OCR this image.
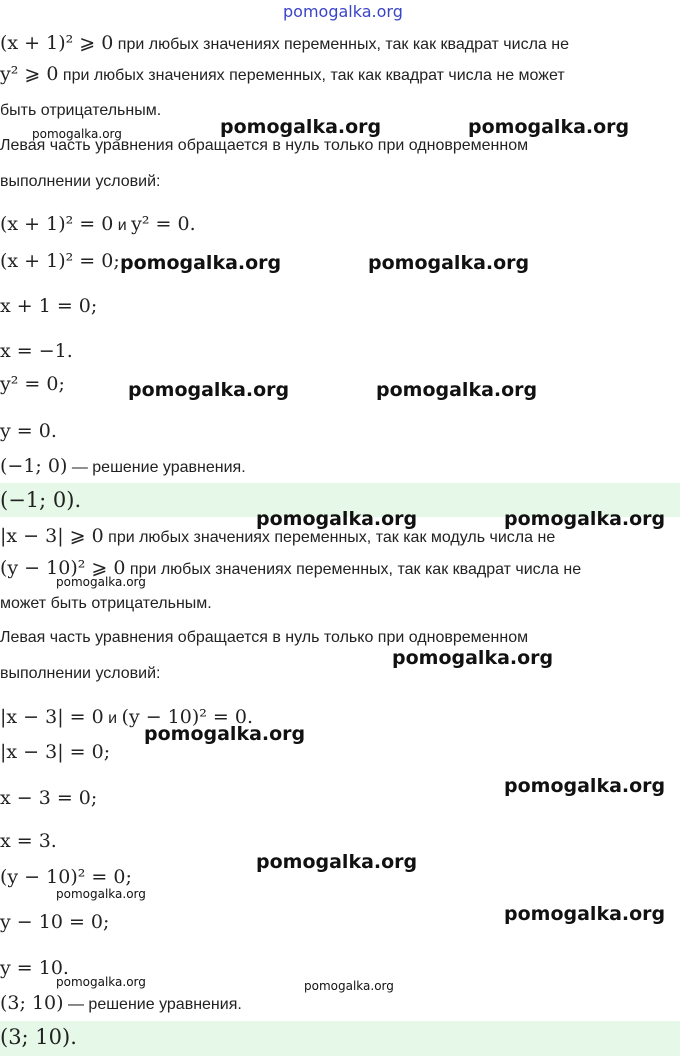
(x + 1)² ⩾ 0 при любых значениях переменных, так как квадрат числа не
y² ⩾ 0 при любых значениях переменных, так как квадрат числа не может
быть отрицательным.
Левая часть уравнения обращается в нуль только при одновременном
выполнении условий:
(x + 1)² = 0 и y² = 0.
(x + 1)² = 0;
x + 1 = 0;
x = −1.
y² = 0;
y = 0.
(−1; 0) — решение уравнения.
(−1; 0).
|x − 3| ⩾ 0 при любых значениях переменных, так как модуль числа не
(y − 10)² ⩾ 0 при любых значениях переменных, так как квадрат числа не
может быть отрицательным.
Левая часть уравнения обращается в нуль только при одновременном
выполнении условий:
|x − 3| = 0 и (y − 10)² = 0.
|x − 3| = 0;
x − 3 = 0;
x = 3.
(y − 10)² = 0;
y − 10 = 0;
y = 10.
(3; 10) — решение уравнения.
(3; 10).
pomogalka.org
pomogalka.org	pomogalka.org	pomogalka.org
pomogalka.org	pomogalka.org
pomogalka.org	pomogalka.org
pomogalka.org	pomogalka.org
pomogalka.org
pomogalka.org
pomogalka.org
pomogalka.org
pomogalka.org
pomogalka.org
pomogalka.org
pomogalka.org	pomogalka.org
